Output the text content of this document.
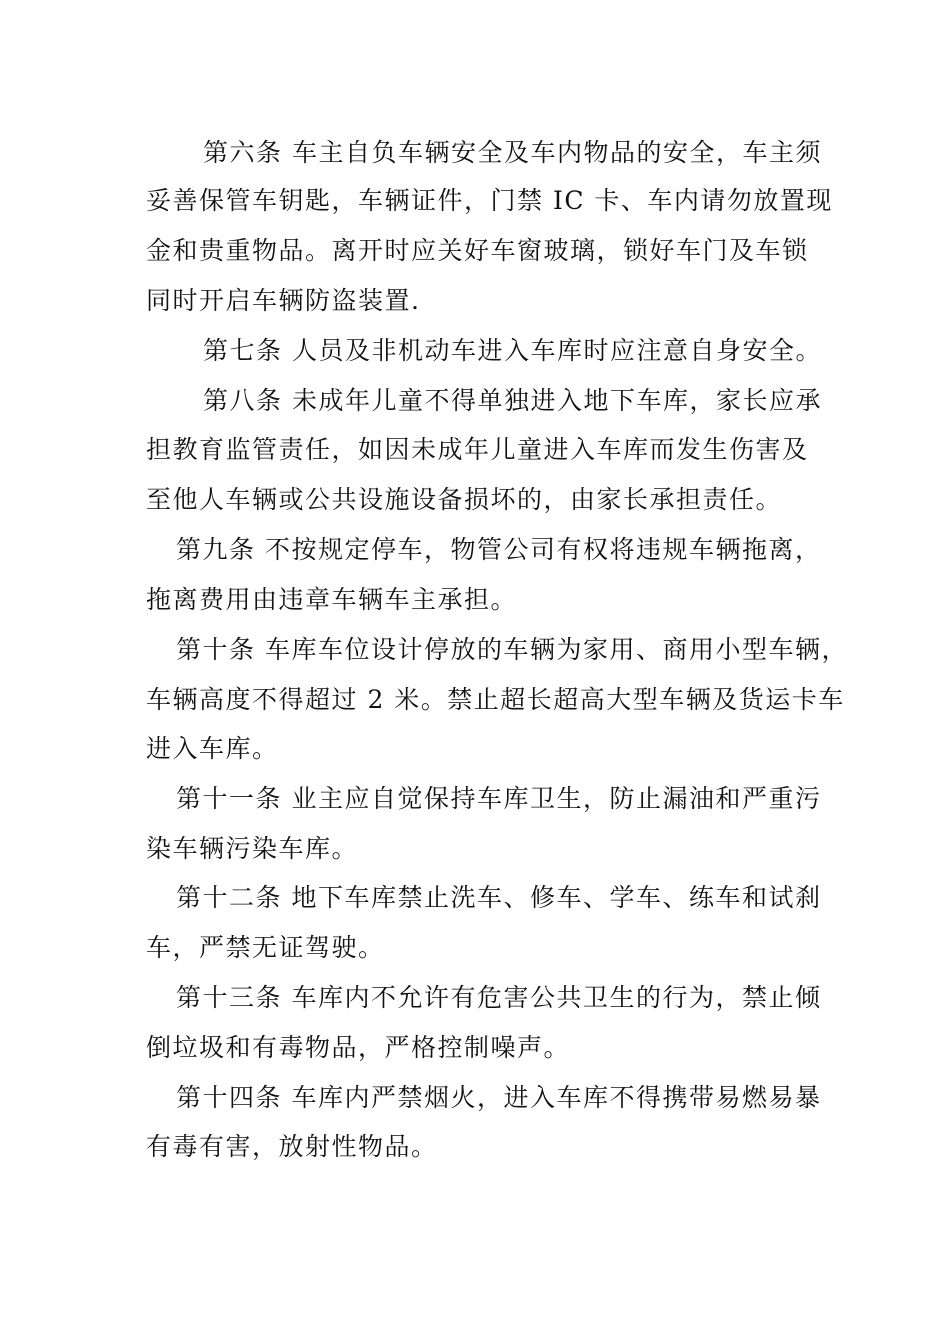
第六条 车主自负车辆安全及车内物品的安全，车主须
妥善保管车钥匙，车辆证件，门禁 IC 卡、车内请勿放置现
金和贵重物品。离开时应关好车窗玻璃，锁好车门及车锁
同时开启车辆防盗装置.
第七条 人员及非机动车进入车库时应注意自身安全。
第八条 未成年儿童不得单独进入地下车库，家长应承
担教育监管责任，如因未成年儿童进入车库而发生伤害及
至他人车辆或公共设施设备损坏的，由家长承担责任。
第九条 不按规定停车，物管公司有权将违规车辆拖离，
拖离费用由违章车辆车主承担。
第十条 车库车位设计停放的车辆为家用、商用小型车辆，
车辆高度不得超过 2 米。禁止超长超高大型车辆及货运卡车
进入车库。
第十一条 业主应自觉保持车库卫生，防止漏油和严重污
染车辆污染车库。
第十二条 地下车库禁止洗车、修车、学车、练车和试刹
车，严禁无证驾驶。
第十三条 车库内不允许有危害公共卫生的行为，禁止倾
倒垃圾和有毒物品，严格控制噪声。
第十四条 车库内严禁烟火，进入车库不得携带易燃易暴
有毒有害，放射性物品。
